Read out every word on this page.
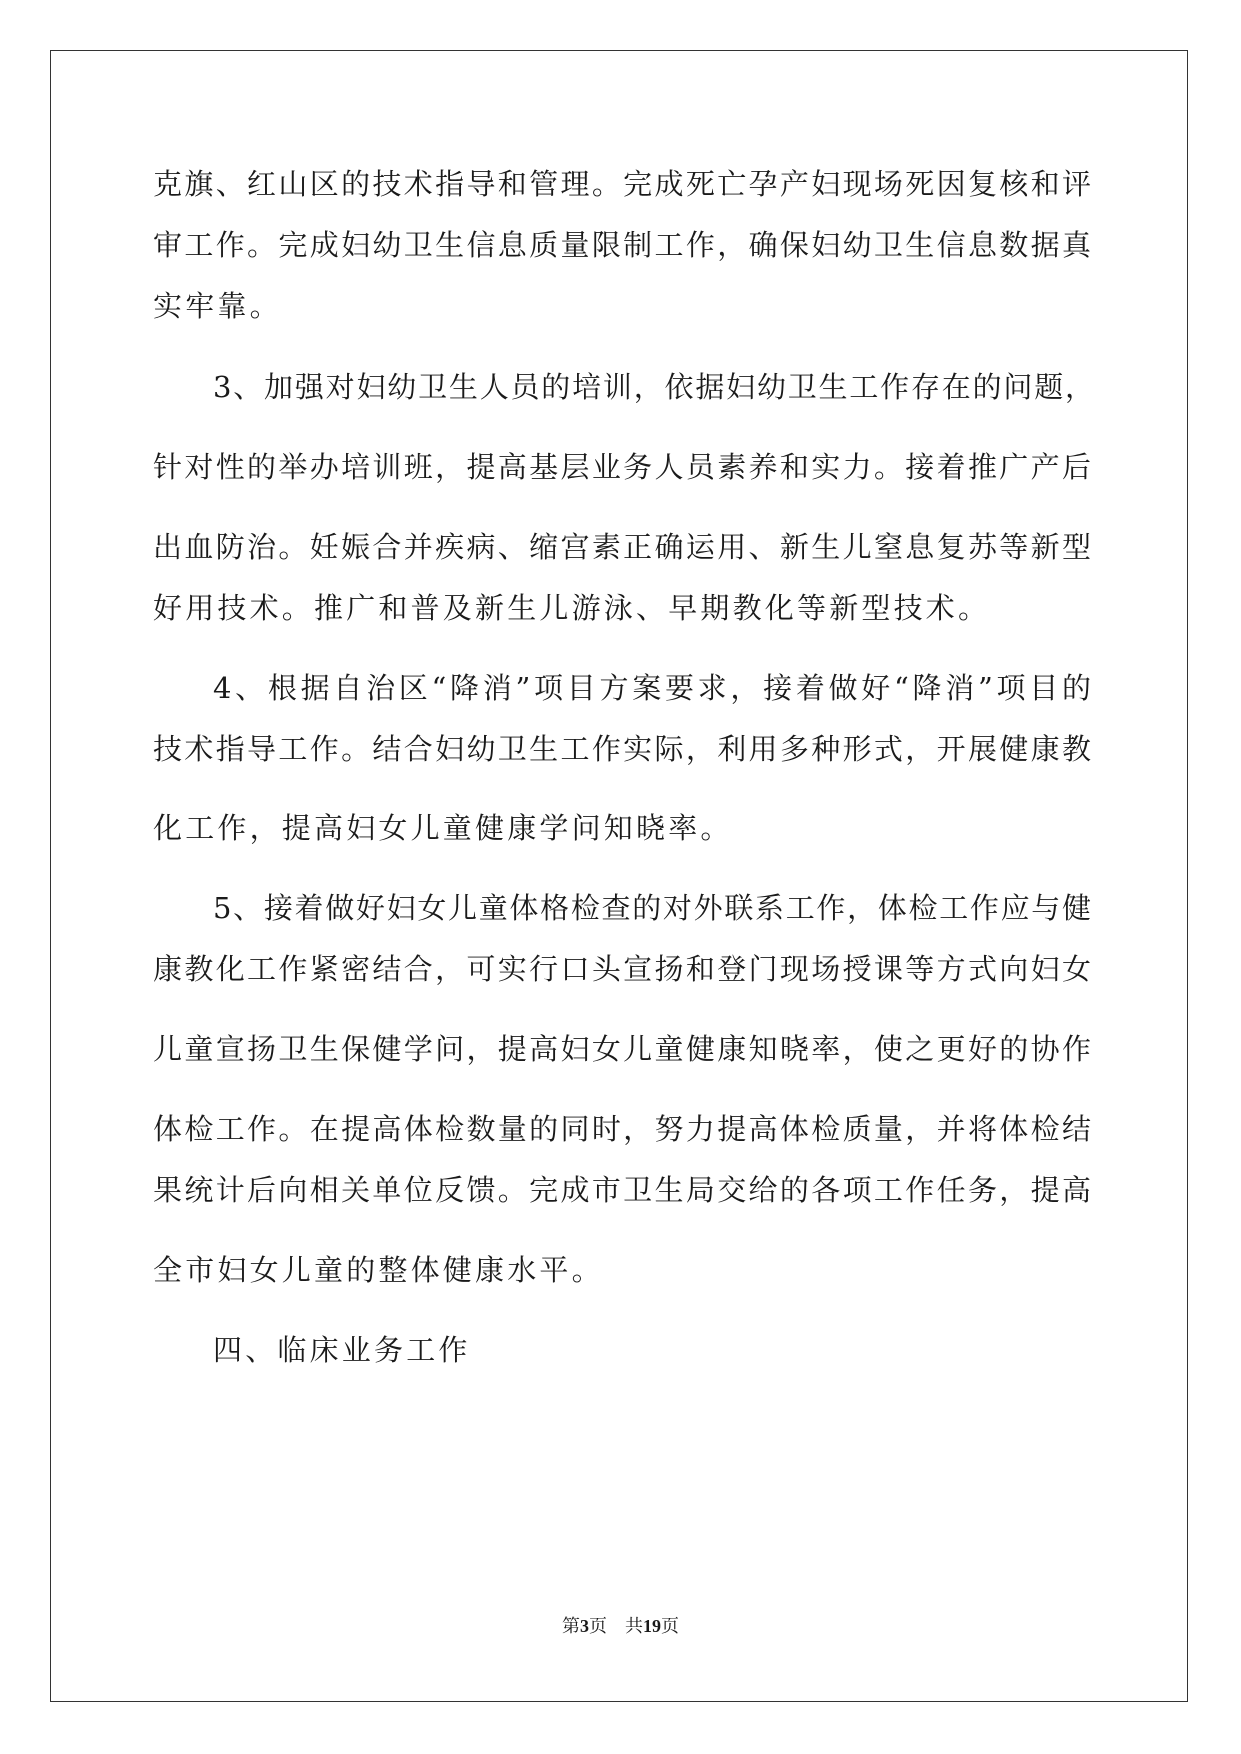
克旗、红山区的技术指导和管理。完成死亡孕产妇现场死因复核和评
审工作。完成妇幼卫生信息质量限制工作，确保妇幼卫生信息数据真
实牢靠。
3、加强对妇幼卫生人员的培训，依据妇幼卫生工作存在的问题，
针对性的举办培训班，提高基层业务人员素养和实力。接着推广产后
出血防治。妊娠合并疾病、缩宫素正确运用、新生儿窒息复苏等新型
好用技术。推广和普及新生儿游泳、早期教化等新型技术。
4、根据自治区“降消”项目方案要求，接着做好“降消”项目的
技术指导工作。结合妇幼卫生工作实际，利用多种形式，开展健康教
化工作，提高妇女儿童健康学问知晓率。
5、接着做好妇女儿童体格检查的对外联系工作，体检工作应与健
康教化工作紧密结合，可实行口头宣扬和登门现场授课等方式向妇女
儿童宣扬卫生保健学问，提高妇女儿童健康知晓率，使之更好的协作
体检工作。在提高体检数量的同时，努力提高体检质量，并将体检结
果统计后向相关单位反馈。完成市卫生局交给的各项工作任务，提高
全市妇女儿童的整体健康水平。
四、临床业务工作
第3页　共19页
